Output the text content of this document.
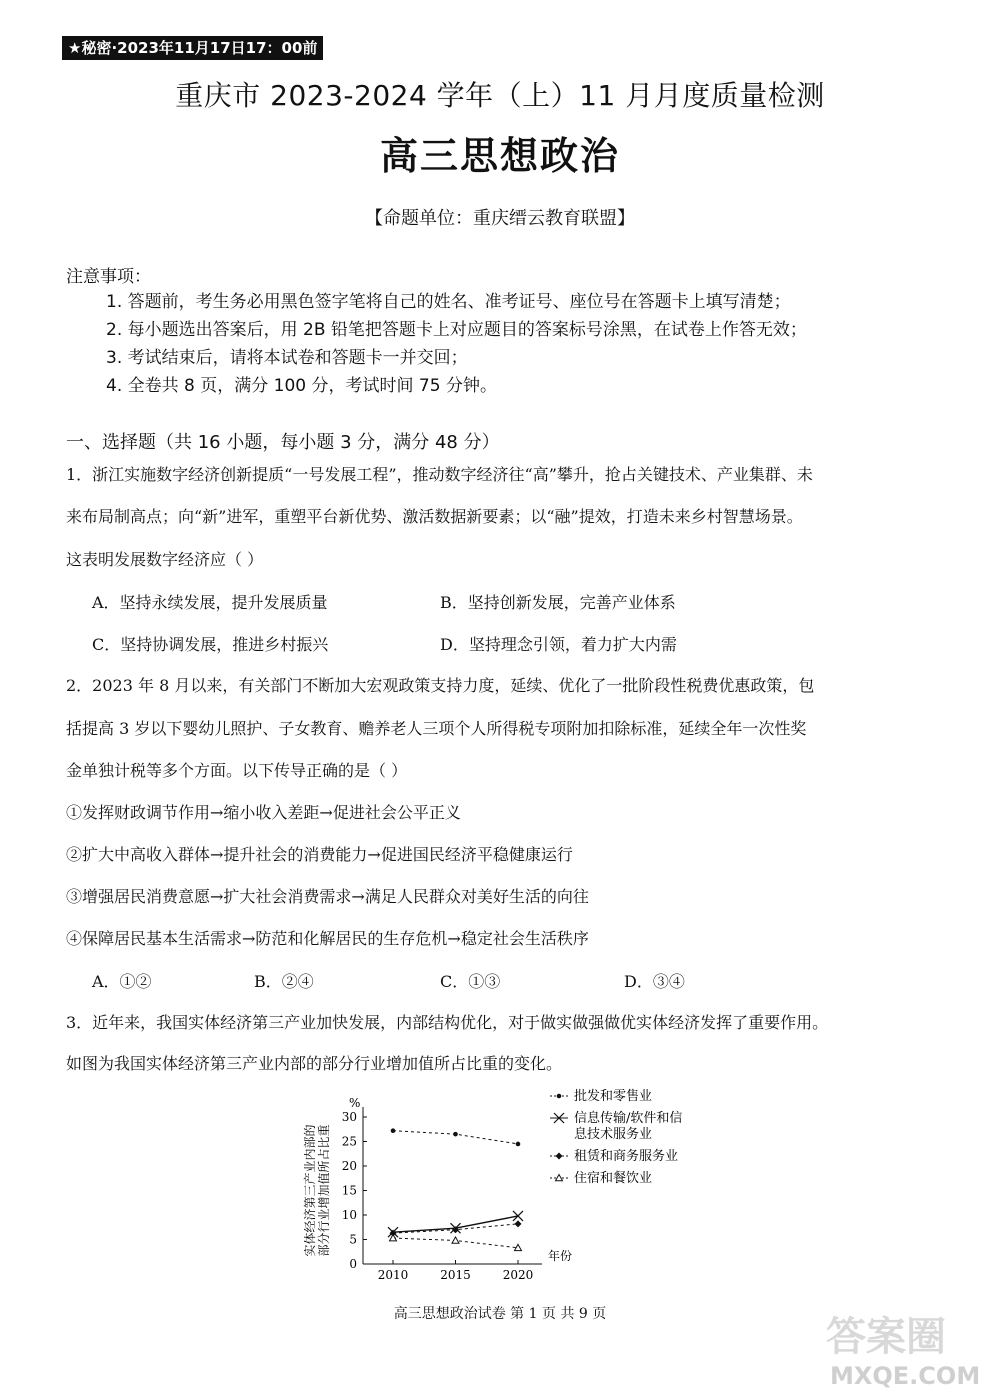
★秘密·2023年11月17日17：00前
重庆市 2023-2024 学年（上）11 月月度质量检测
高三思想政治
【命题单位：重庆缙云教育联盟】
注意事项：
1. 答题前，考生务必用黑色签字笔将自己的姓名、准考证号、座位号在答题卡上填写清楚；
2. 每小题选出答案后，用 2B 铅笔把答题卡上对应题目的答案标号涂黑，在试卷上作答无效；
3. 考试结束后，请将本试卷和答题卡一并交回；
4. 全卷共 8 页，满分 100 分，考试时间 75 分钟。
一、选择题（共 16 小题，每小题 3 分，满分 48 分）
1．浙江实施数字经济创新提质“一号发展工程”，推动数字经济往“高”攀升，抢占关键技术、产业集群、未
来布局制高点；向“新”进军，重塑平台新优势、激活数据新要素；以“融”提效，打造未来乡村智慧场景。
这表明发展数字经济应（ ）
A．坚持永续发展，提升发展质量	B．坚持创新发展，完善产业体系
C．坚持协调发展，推进乡村振兴	D．坚持理念引领，着力扩大内需
2．2023 年 8 月以来，有关部门不断加大宏观政策支持力度，延续、优化了一批阶段性税费优惠政策，包
括提高 3 岁以下婴幼儿照护、子女教育、赡养老人三项个人所得税专项附加扣除标准，延续全年一次性奖
金单独计税等多个方面。以下传导正确的是（ ）
①发挥财政调节作用→缩小收入差距→促进社会公平正义
②扩大中高收入群体→提升社会的消费能力→促进国民经济平稳健康运行
③增强居民消费意愿→扩大社会消费需求→满足人民群众对美好生活的向往
④保障居民基本生活需求→防范和化解居民的生存危机→稳定社会生活秩序
A．①②	B．②④	C．①③	D．③④
3．近年来，我国实体经济第三产业加快发展，内部结构优化，对于做实做强做优实体经济发挥了重要作用。
如图为我国实体经济第三产业内部的部分行业增加值所占比重的变化。
实体经济第三产业内部的 部分行业增加值所占比重
%
0
5
10
15
20
25
30
2010	2015	2020
年份
批发和零售业
信息传输/软件和信
息技术服务业
租赁和商务服务业
住宿和餐饮业
高三思想政治试卷 第 1 页 共 9 页	答案圈
MXQE.COM
